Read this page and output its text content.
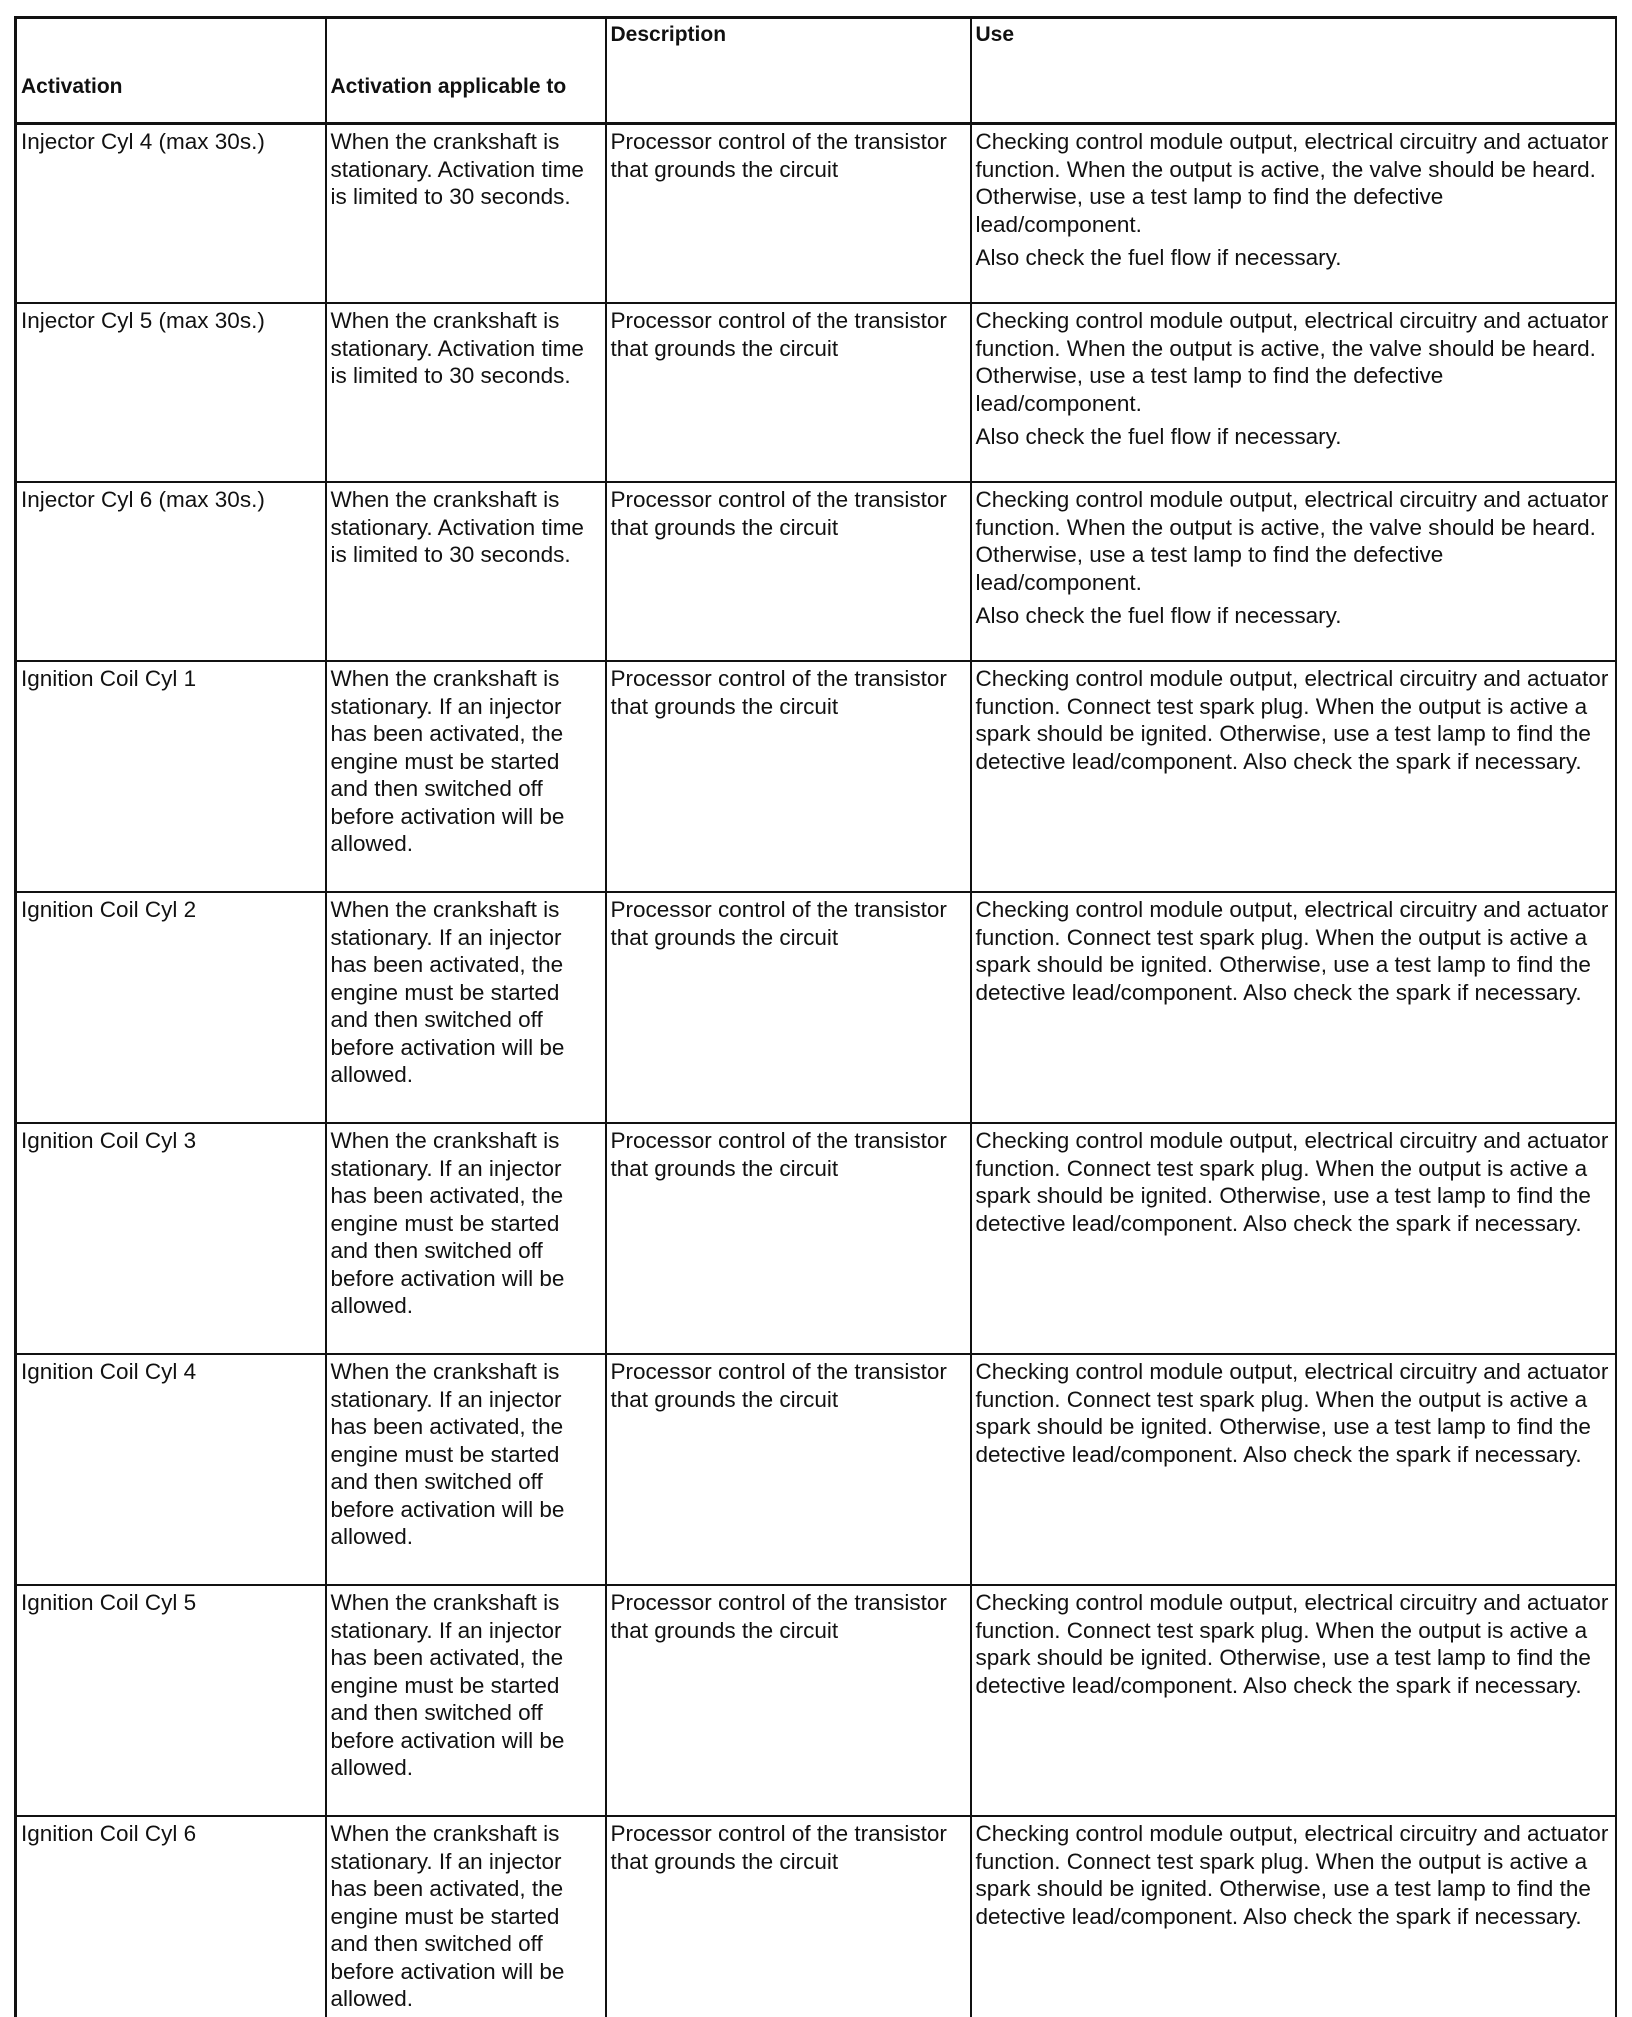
Activation	Activation applicable to	Description	Use
Injector Cyl 4 (max 30s.)	When the crankshaft is stationary. Activation time is limited to 30 seconds.	Processor control of the transistor that grounds the circuit	Checking control module output, electrical circuitry and actuator function. When the output is active, the valve should be heard. Otherwise, use a test lamp to find the defective lead/component.
Also check the fuel flow if necessary.

Injector Cyl 5 (max 30s.)	When the crankshaft is stationary. Activation time is limited to 30 seconds.	Processor control of the transistor that grounds the circuit	Checking control module output, electrical circuitry and actuator function. When the output is active, the valve should be heard. Otherwise, use a test lamp to find the defective lead/component.
Also check the fuel flow if necessary.

Injector Cyl 6 (max 30s.)	When the crankshaft is stationary. Activation time is limited to 30 seconds.	Processor control of the transistor that grounds the circuit	Checking control module output, electrical circuitry and actuator function. When the output is active, the valve should be heard. Otherwise, use a test lamp to find the defective lead/component.
Also check the fuel flow if necessary.

Ignition Coil Cyl 1	When the crankshaft is stationary. If an injector has been activated, the engine must be started and then switched off before activation will be allowed.	Processor control of the transistor that grounds the circuit	Checking control module output, electrical circuitry and actuator function. Connect test spark plug. When the output is active a spark should be ignited. Otherwise, use a test lamp to find the detective lead/component. Also check the spark if necessary.
Ignition Coil Cyl 2	When the crankshaft is stationary. If an injector has been activated, the engine must be started and then switched off before activation will be allowed.	Processor control of the transistor that grounds the circuit	Checking control module output, electrical circuitry and actuator function. Connect test spark plug. When the output is active a spark should be ignited. Otherwise, use a test lamp to find the detective lead/component. Also check the spark if necessary.
Ignition Coil Cyl 3	When the crankshaft is stationary. If an injector has been activated, the engine must be started and then switched off before activation will be allowed.	Processor control of the transistor that grounds the circuit	Checking control module output, electrical circuitry and actuator function. Connect test spark plug. When the output is active a spark should be ignited. Otherwise, use a test lamp to find the detective lead/component. Also check the spark if necessary.
Ignition Coil Cyl 4	When the crankshaft is stationary. If an injector has been activated, the engine must be started and then switched off before activation will be allowed.	Processor control of the transistor that grounds the circuit	Checking control module output, electrical circuitry and actuator function. Connect test spark plug. When the output is active a spark should be ignited. Otherwise, use a test lamp to find the detective lead/component. Also check the spark if necessary.
Ignition Coil Cyl 5	When the crankshaft is stationary. If an injector has been activated, the engine must be started and then switched off before activation will be allowed.	Processor control of the transistor that grounds the circuit	Checking control module output, electrical circuitry and actuator function. Connect test spark plug. When the output is active a spark should be ignited. Otherwise, use a test lamp to find the detective lead/component. Also check the spark if necessary.
Ignition Coil Cyl 6	When the crankshaft is stationary. If an injector has been activated, the engine must be started and then switched off before activation will be allowed.	Processor control of the transistor that grounds the circuit	Checking control module output, electrical circuitry and actuator function. Connect test spark plug. When the output is active a spark should be ignited. Otherwise, use a test lamp to find the detective lead/component. Also check the spark if necessary.
